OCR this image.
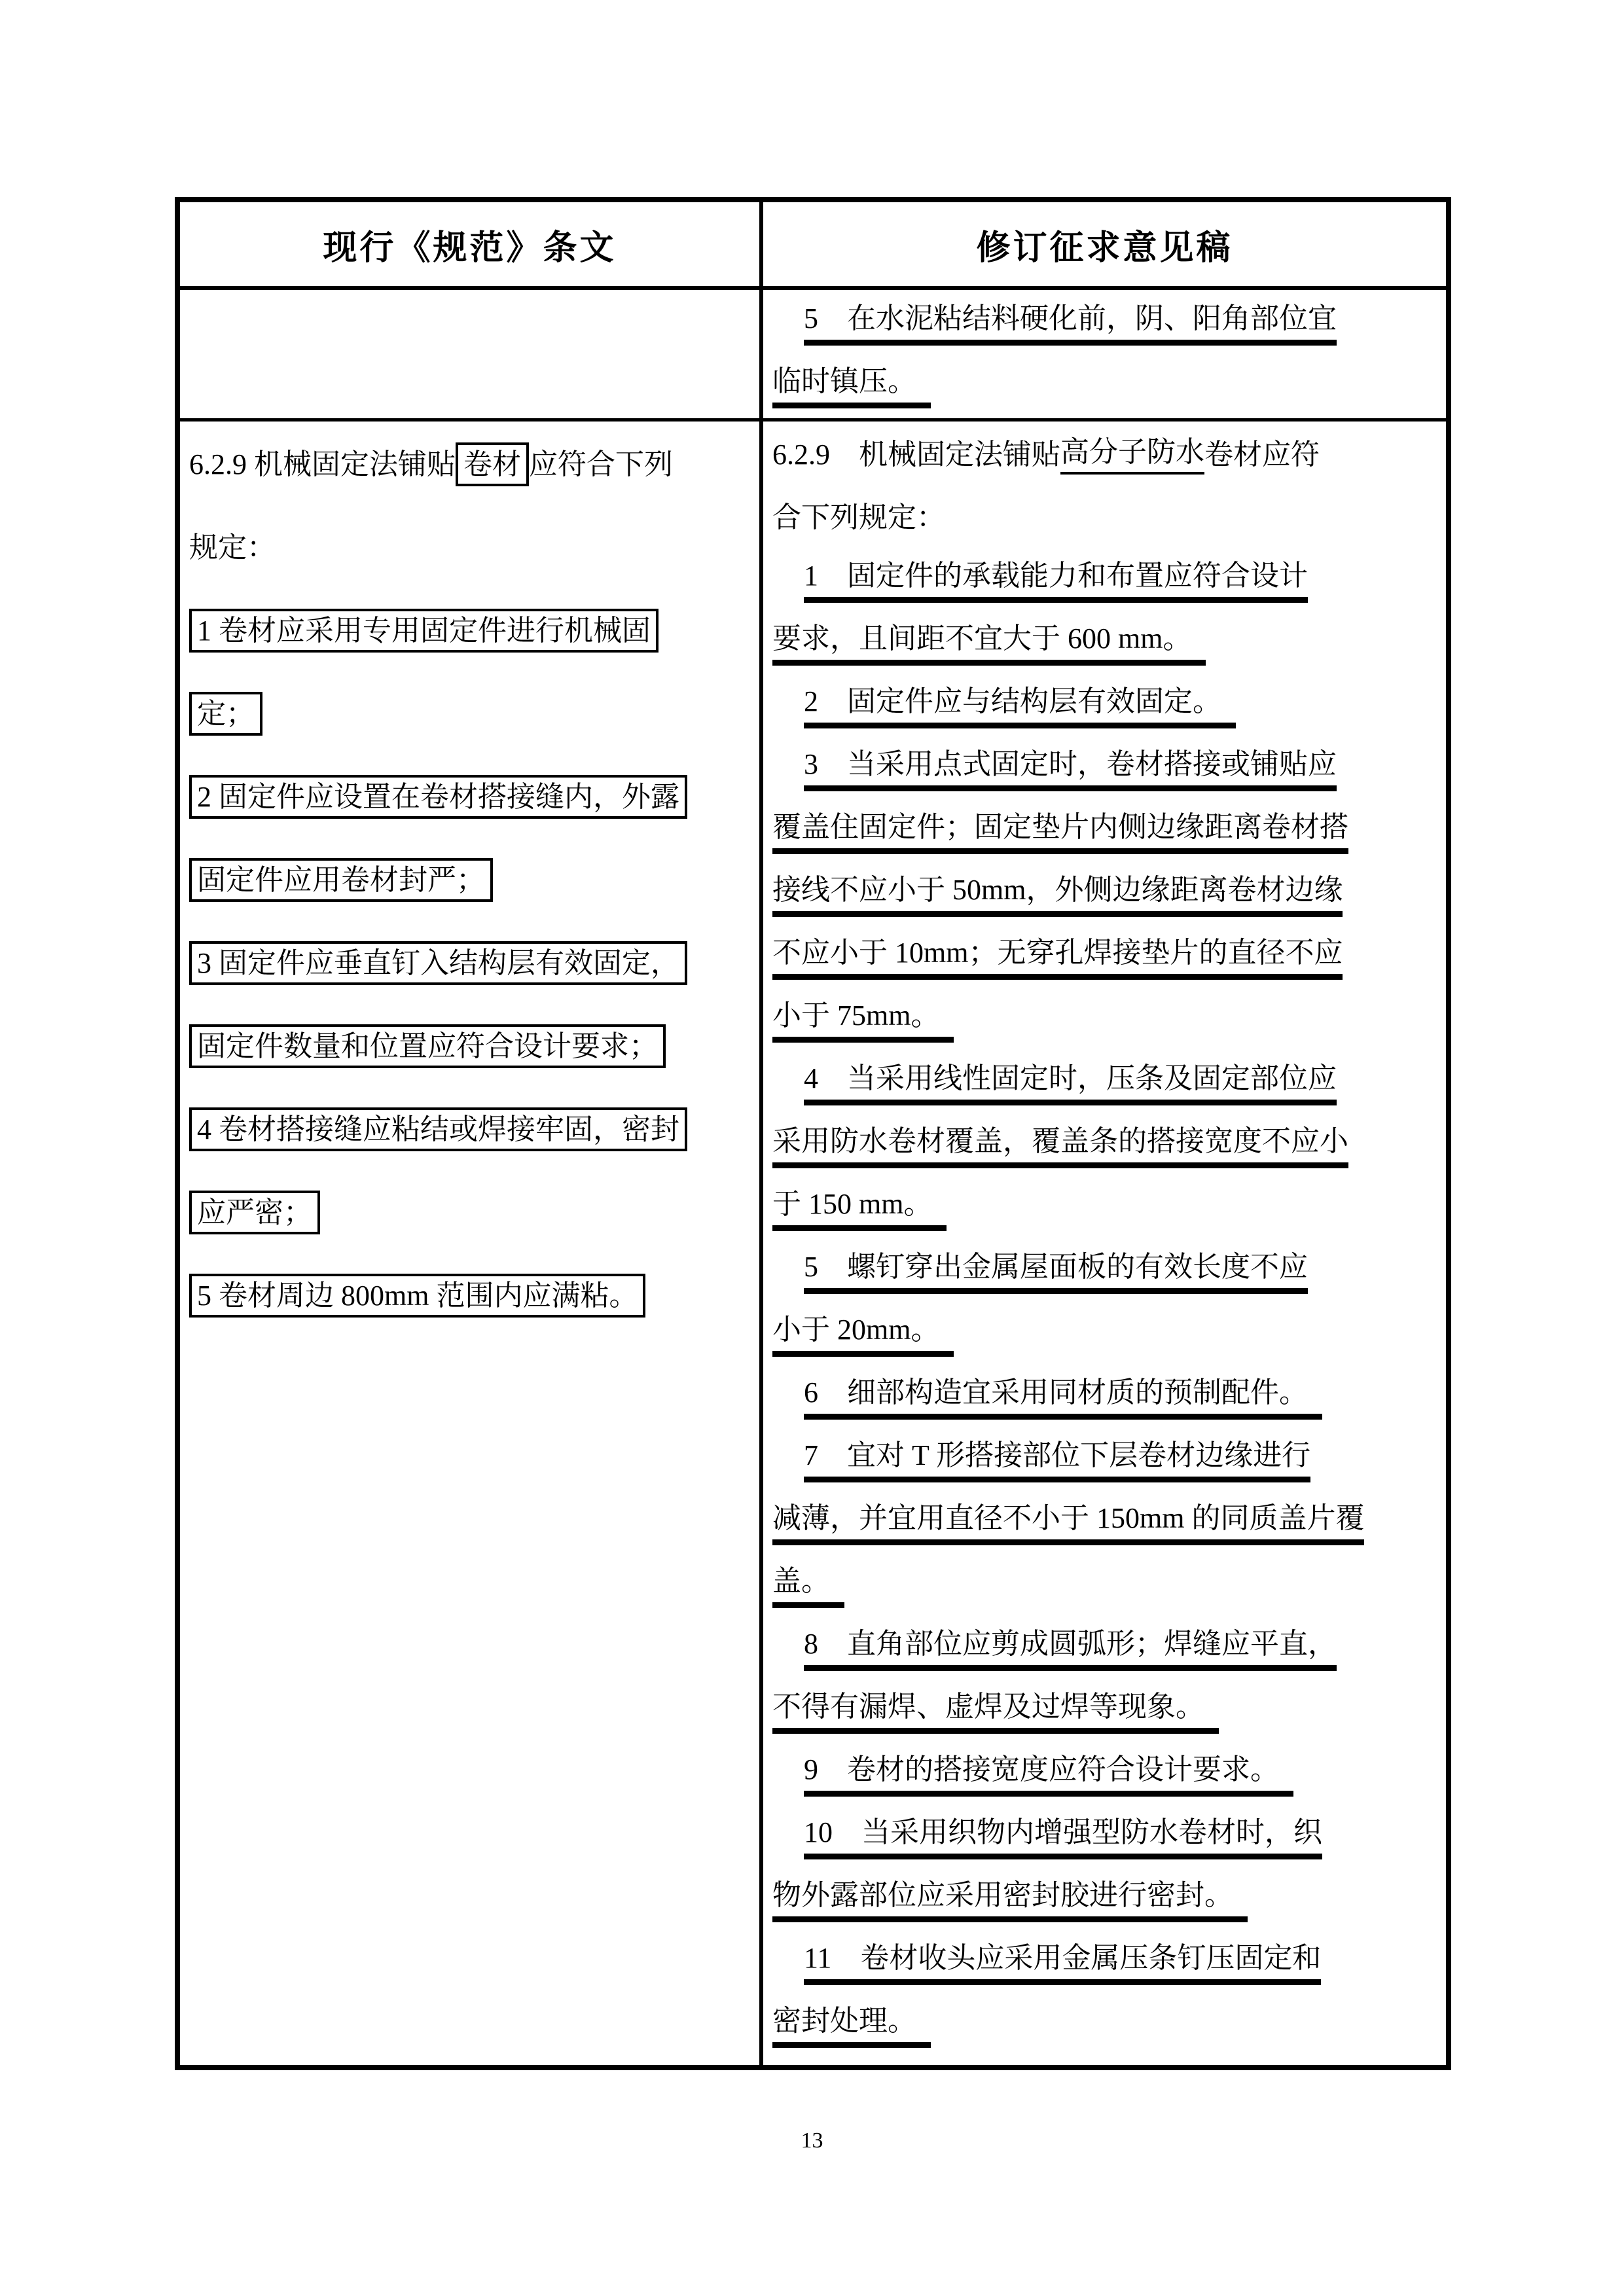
现行《规范》条文	修订征求意见稿
5　在水泥粘结料硬化前，阴、阳角部位宜
临时镇压。　
6.2.9 机械固定法铺贴 卷材 应符合下列
规定：
1 卷材应采用专用固定件进行机械固
定；
2 固定件应设置在卷材搭接缝内，外露
固定件应用卷材封严；
3 固定件应垂直钉入结构层有效固定，
固定件数量和位置应符合设计要求；
4 卷材搭接缝应粘结或焊接牢固，密封
应严密；
5 卷材周边 800mm 范围内应满粘。
6.2.9　机械固定法铺贴 高分子防水 卷材应符
合下列规定：
1　固定件的承载能力和布置应符合设计
要求，且间距不宜大于 600 mm。　
2　固定件应与结构层有效固定。　
3　当采用点式固定时，卷材搭接或铺贴应
覆盖住固定件；固定垫片内侧边缘距离卷材搭
接线不应小于 50mm，外侧边缘距离卷材边缘
不应小于 10mm；无穿孔焊接垫片的直径不应
小于 75mm。　
4　当采用线性固定时，压条及固定部位应
采用防水卷材覆盖，覆盖条的搭接宽度不应小
于 150 mm。　
5　螺钉穿出金属屋面板的有效长度不应
小于 20mm。　
6　细部构造宜采用同材质的预制配件。　
7　宜对 T 形搭接部位下层卷材边缘进行
减薄，并宜用直径不小于 150mm 的同质盖片覆
盖。　
8　直角部位应剪成圆弧形；焊缝应平直，
不得有漏焊、虚焊及过焊等现象。　
9　卷材的搭接宽度应符合设计要求。　
10　当采用织物内增强型防水卷材时，织
物外露部位应采用密封胶进行密封。　
11　卷材收头应采用金属压条钉压固定和
密封处理。　
13
